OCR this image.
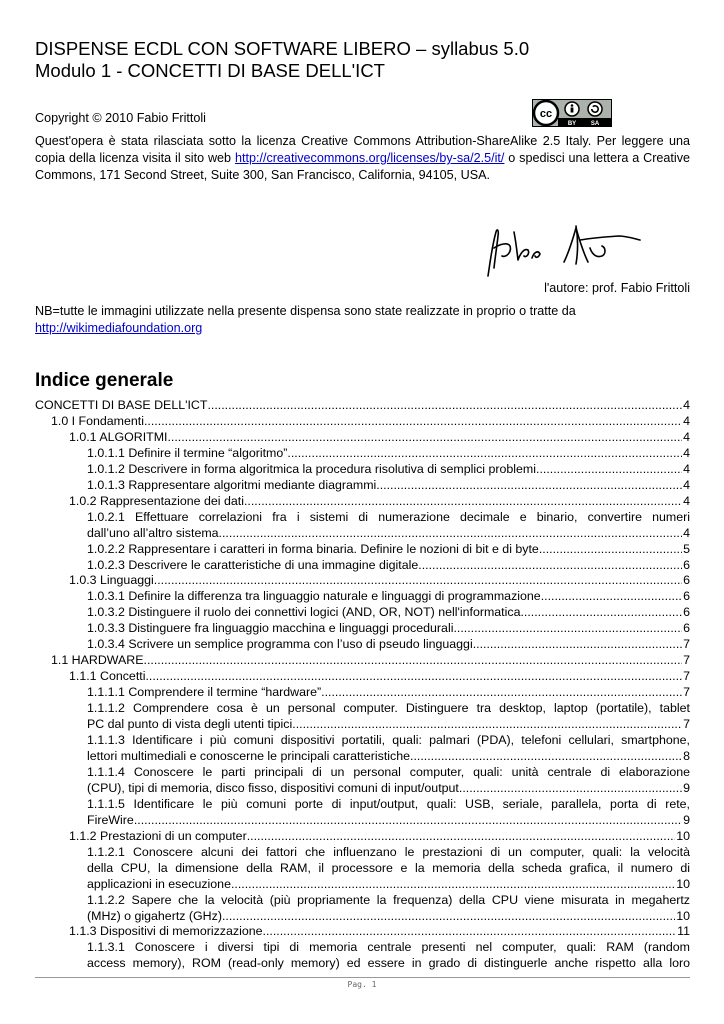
DISPENSE ECDL CON SOFTWARE LIBERO – syllabus 5.0
Modulo 1 - CONCETTI DI BASE DELL'ICT
Copyright © 2010 Fabio Frittoli	cc
BY SA
Quest'opera è stata rilasciata sotto la licenza Creative Commons Attribution-ShareAlike 2.5 Italy. Per leggere una copia della licenza visita il sito web http://creativecommons.org/licenses/by-sa/2.5/it/ o spedisci una lettera a Creative Commons, 171 Second Street, Suite 300, San Francisco, California, 94105, USA.
l'autore: prof. Fabio Frittoli
NB=tutte le immagini utilizzate nella presente dispensa sono state realizzate in proprio o tratte da
http://wikimediafoundation.org
Indice generale
CONCETTI DI BASE DELL'ICT .....	4
1.0 I Fondamenti .....	4
1.0.1 ALGORITMI .....	4
1.0.1.1 Definire il termine “algoritmo” .....	4
1.0.1.2 Descrivere in forma algoritmica la procedura risolutiva di semplici problemi .....	4
1.0.1.3 Rappresentare algoritmi mediante diagrammi .....	4
1.0.2 Rappresentazione dei dati .....	4
1.0.2.1 Effettuare correlazioni fra i sistemi di numerazione decimale e binario, convertire numeri
dall’uno all’altro sistema .....	4
1.0.2.2 Rappresentare i caratteri in forma binaria. Definire le nozioni di bit e di byte .....	5
1.0.2.3 Descrivere le caratteristiche di una immagine digitale. .....	6
1.0.3 Linguaggi .....	6
1.0.3.1 Definire la differenza tra linguaggio naturale e linguaggi di programmazione. .....	6
1.0.3.2 Distinguere il ruolo dei connettivi logici (AND, OR, NOT) nell'informatica. .....	6
1.0.3.3 Distinguere fra linguaggio macchina e linguaggi procedurali. .....	6
1.0.3.4 Scrivere un semplice programma con l’uso di pseudo linguaggi. .....	7
1.1 HARDWARE .....	7
1.1.1 Concetti .....	7
1.1.1.1 Comprendere il termine “hardware” .....	7
1.1.1.2 Comprendere cosa è un personal computer. Distinguere tra desktop, laptop (portatile), tablet
PC dal punto di vista degli utenti tipici .....	7
1.1.1.3 Identificare i più comuni dispositivi portatili, quali: palmari (PDA), telefoni cellulari, smartphone,
lettori multimediali e conoscerne le principali caratteristiche .....	8
1.1.1.4 Conoscere le parti principali di un personal computer, quali: unità centrale di elaborazione
(CPU), tipi di memoria, disco fisso, dispositivi comuni di input/output .....	9
1.1.1.5 Identificare le più comuni porte di input/output, quali: USB, seriale, parallela, porta di rete,
FireWire .....	9
1.1.2 Prestazioni di un computer .....	10
1.1.2.1 Conoscere alcuni dei fattori che influenzano le prestazioni di un computer, quali: la velocità
della CPU, la dimensione della RAM, il processore e la memoria della scheda grafica, il numero di
applicazioni in esecuzione .....	10
1.1.2.2 Sapere che la velocità (più propriamente la frequenza) della CPU viene misurata in megahertz
(MHz) o gigahertz (GHz) .....	10
1.1.3 Dispositivi di memorizzazione .....	11
1.1.3.1 Conoscere i diversi tipi di memoria centrale presenti nel computer, quali: RAM (random
access memory), ROM (read-only memory) ed essere in grado di distinguerle anche rispetto alla loro
Pag. 1
